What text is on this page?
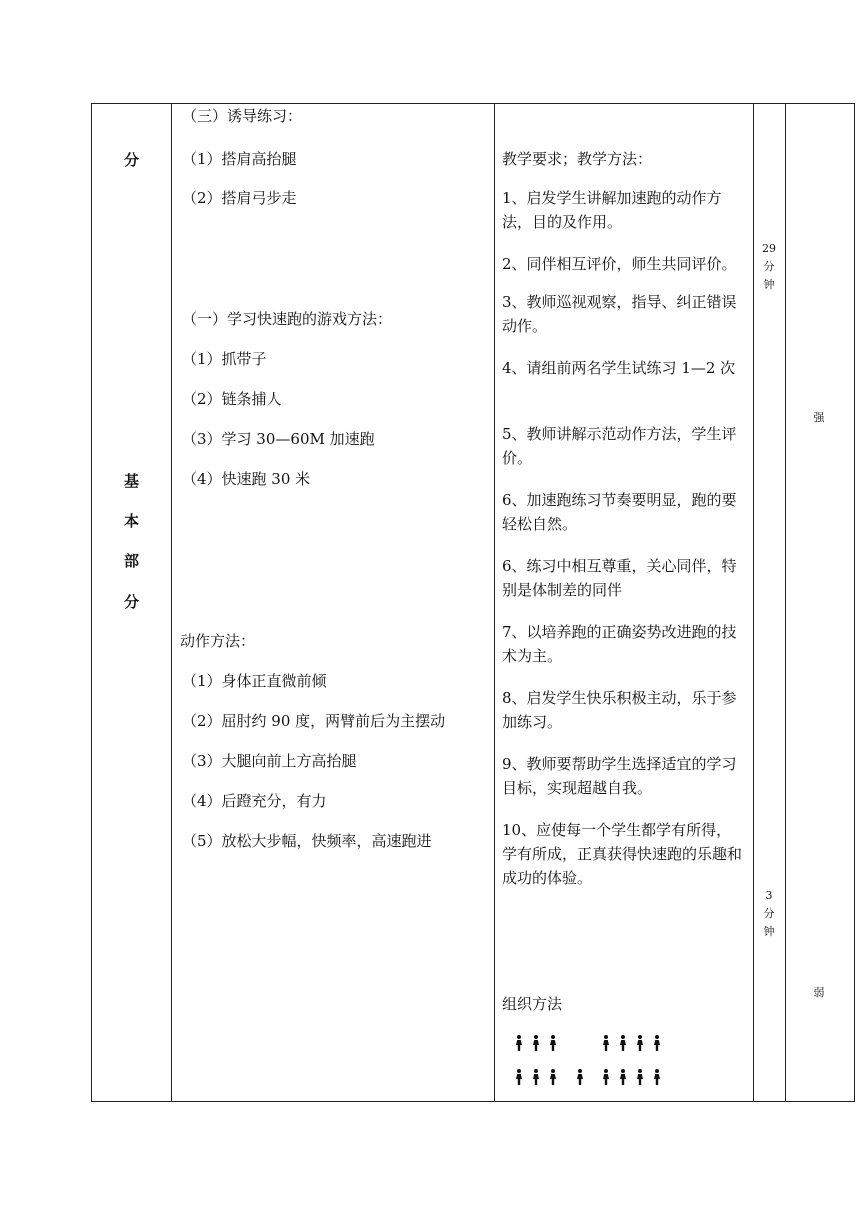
分
基
本
部
分
（三）诱导练习：
（1）搭肩高抬腿
（2）搭肩弓步走
（一）学习快速跑的游戏方法：
（1）抓带子
（2）链条捕人
（3）学习 30—60M 加速跑
（4）快速跑 30 米
动作方法：
（1）身体正直微前倾
（2）屈肘约 90 度，两臂前后为主摆动
（3）大腿向前上方高抬腿
（4）后蹬充分，有力
（5）放松大步幅，快频率，高速跑进
教学要求；教学方法：
1、启发学生讲解加速跑的动作方法，目的及作用。
2、同伴相互评价，师生共同评价。
3、教师巡视观察，指导、纠正错误动作。
4、请组前两名学生试练习 1—2 次
5、教师讲解示范动作方法，学生评价。
6、加速跑练习节奏要明显，跑的要轻松自然。
6、练习中相互尊重，关心同伴，特别是体制差的同伴
7、以培养跑的正确姿势改进跑的技术为主。
8、启发学生快乐积极主动，乐于参加练习。
9、教师要帮助学生选择适宜的学习目标，实现超越自我。
10、应使每一个学生都学有所得，学有所成，正真获得快速跑的乐趣和成功的体验。
组织方法
29
分
钟
3
分
钟
强
弱
